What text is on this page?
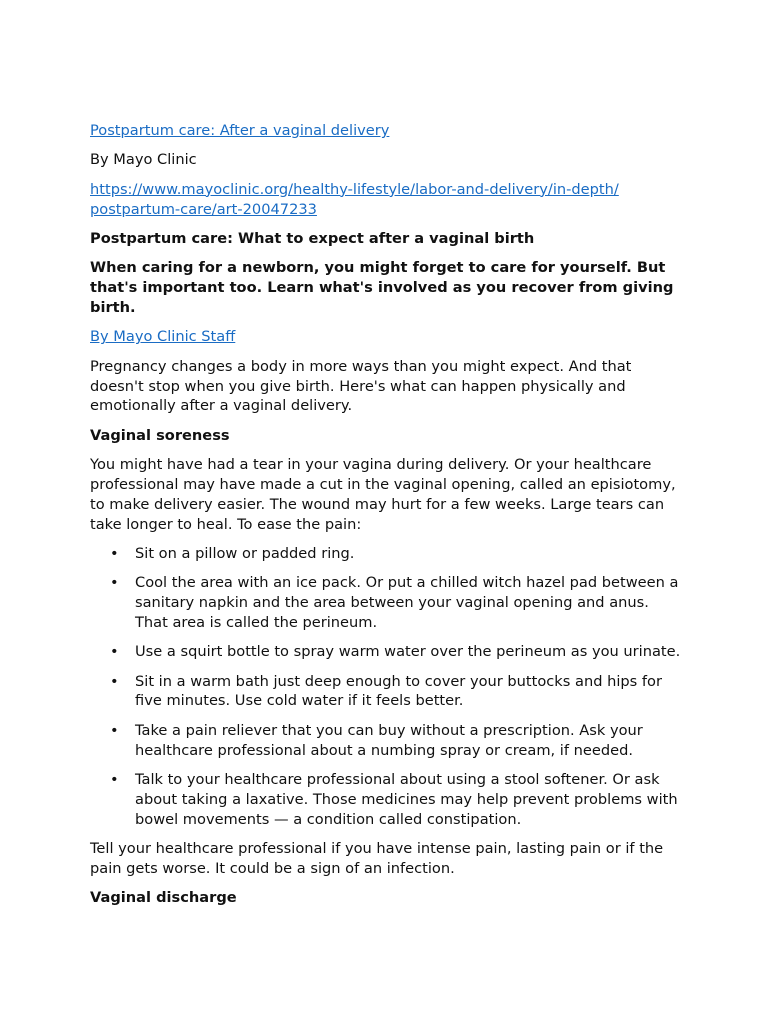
Postpartum care: After a vaginal delivery

By Mayo Clinic

https://www.mayoclinic.org/healthy-lifestyle/labor-and-delivery/in-depth/
postpartum-care/art-20047233

Postpartum care: What to expect after a vaginal birth

When caring for a newborn, you might forget to care for yourself. But that's important too. Learn what's involved as you recover from giving birth.

By Mayo Clinic Staff

Pregnancy changes a body in more ways than you might expect. And that doesn't stop when you give birth. Here's what can happen physically and emotionally after a vaginal delivery.

Vaginal soreness

You might have had a tear in your vagina during delivery. Or your healthcare professional may have made a cut in the vaginal opening, called an episiotomy, to make delivery easier. The wound may hurt for a few weeks. Large tears can take longer to heal. To ease the pain:

• Sit on a pillow or padded ring.
• Cool the area with an ice pack. Or put a chilled witch hazel pad between a sanitary napkin and the area between your vaginal opening and anus. That area is called the perineum.
• Use a squirt bottle to spray warm water over the perineum as you urinate.
• Sit in a warm bath just deep enough to cover your buttocks and hips for five minutes. Use cold water if it feels better.
• Take a pain reliever that you can buy without a prescription. Ask your healthcare professional about a numbing spray or cream, if needed.
• Talk to your healthcare professional about using a stool softener. Or ask about taking a laxative. Those medicines may help prevent problems with bowel movements — a condition called constipation.

Tell your healthcare professional if you have intense pain, lasting pain or if the pain gets worse. It could be a sign of an infection.

Vaginal discharge
